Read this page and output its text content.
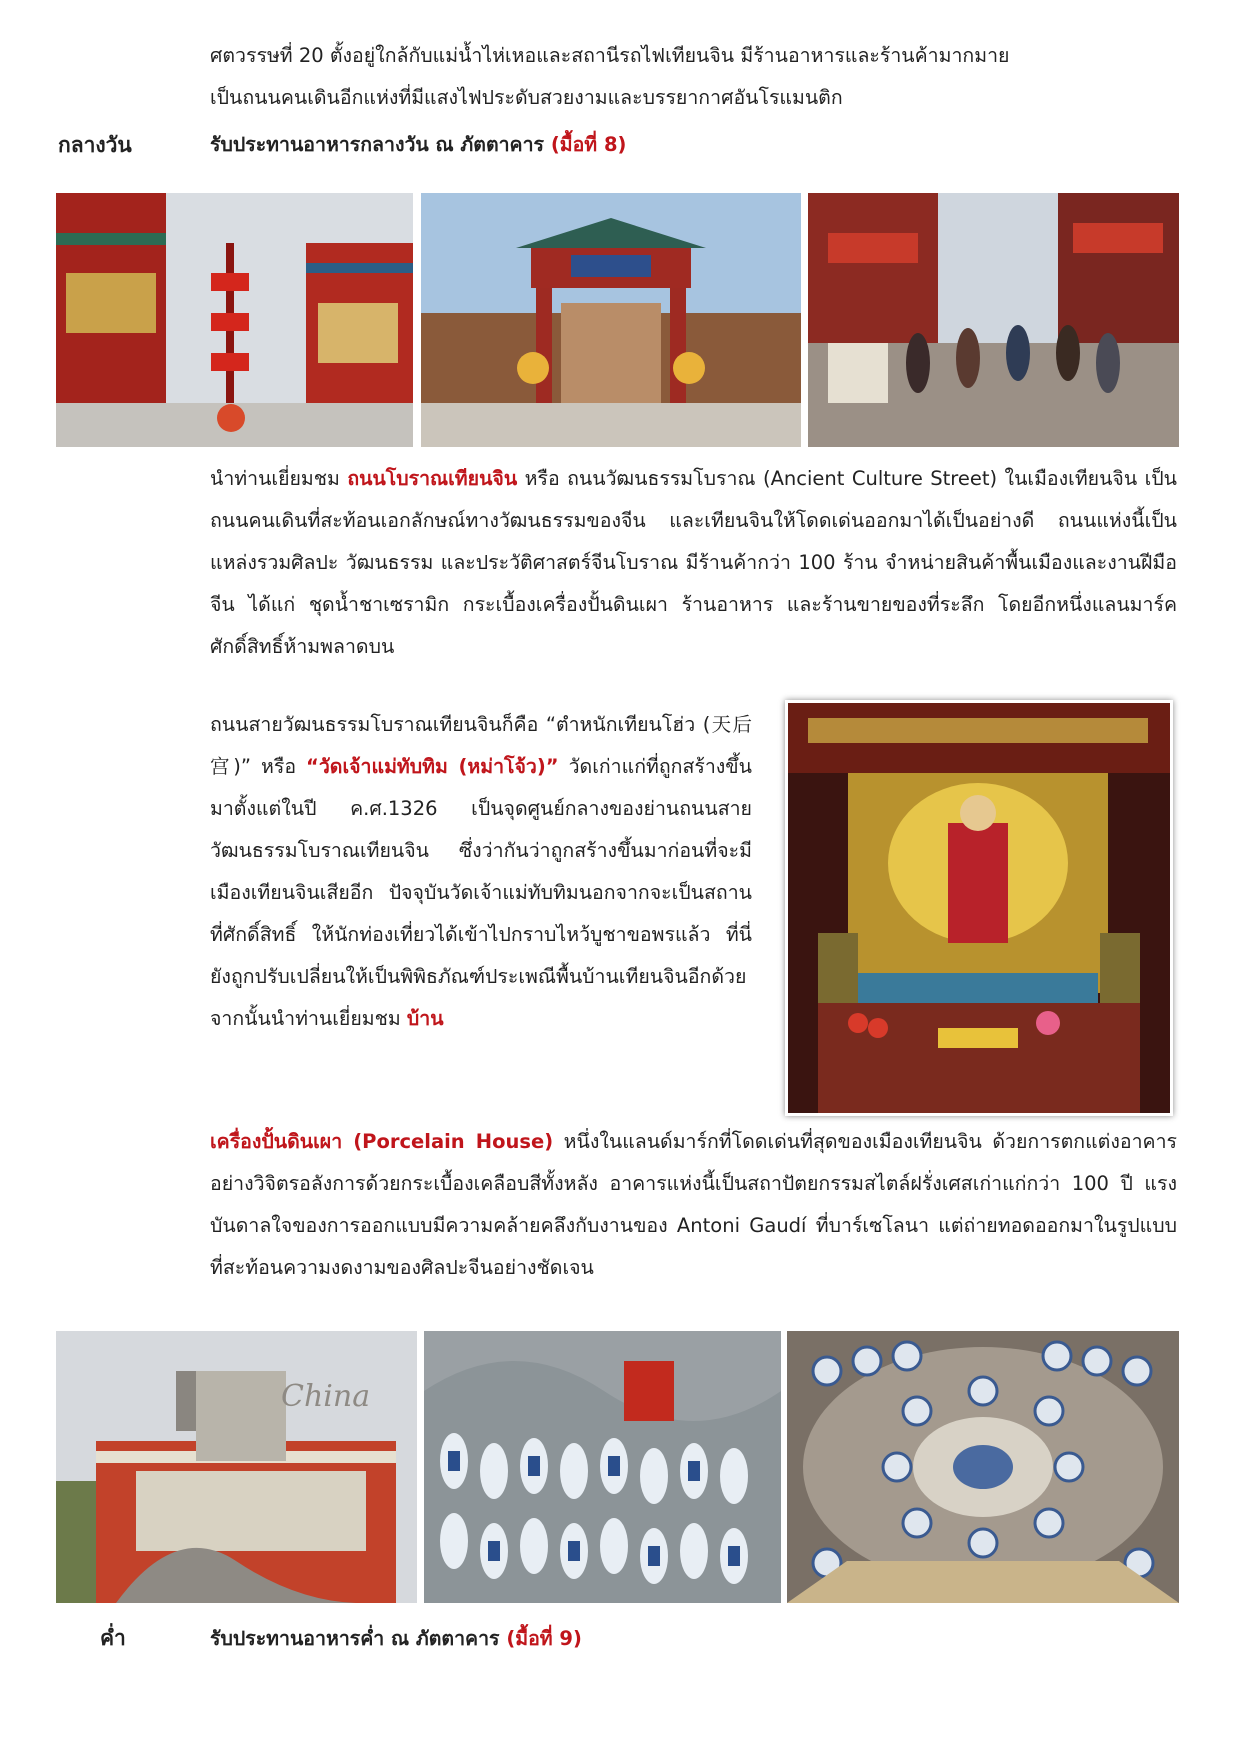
ศตวรรษที่ 20 ตั้งอยู่ใกล้กับแม่น้ำไห่เหอและสถานีรถไฟเทียนจิน มีร้านอาหารและร้านค้ามากมาย
เป็นถนนคนเดินอีกแห่งที่มีแสงไฟประดับสวยงามและบรรยากาศอันโรแมนติก
กลางวัน	รับประทานอาหารกลางวัน ณ ภัตตาคาร (มื้อที่ 8)
นำท่านเยี่ยมชม ถนนโบราณเทียนจิน หรือ ถนนวัฒนธรรมโบราณ (Ancient Culture Street) ในเมืองเทียนจิน เป็นถนนคนเดินที่สะท้อนเอกลักษณ์ทางวัฒนธรรมของจีน และเทียนจินให้โดดเด่นออกมาได้เป็นอย่างดี ถนนแห่งนี้เป็นแหล่งรวมศิลปะ วัฒนธรรม และประวัติศาสตร์จีนโบราณ มีร้านค้ากว่า 100 ร้าน จำหน่ายสินค้าพื้นเมืองและงานฝีมือจีน ได้แก่ ชุดน้ำชาเซรามิก กระเบื้องเครื่องปั้นดินเผา ร้านอาหาร และร้านขายของที่ระลึก โดยอีกหนึ่งแลนมาร์คศักดิ์สิทธิ์ห้ามพลาดบน
ถนนสายวัฒนธรรมโบราณเทียนจินก็คือ “ตำหนักเทียนโฮ่ว (天后宫)” หรือ “วัดเจ้าแม่ทับทิม (หม่าโจ้ว)” วัดเก่าแก่ที่ถูกสร้างขึ้นมาตั้งแต่ในปี ค.ศ.1326 เป็นจุดศูนย์กลางของย่านถนนสายวัฒนธรรมโบราณเทียนจิน ซึ่งว่ากันว่าถูกสร้างขึ้นมาก่อนที่จะมีเมืองเทียนจินเสียอีก ปัจจุบันวัดเจ้าแม่ทับทิมนอกจากจะเป็นสถานที่ศักดิ์สิทธิ์ ให้นักท่องเที่ยวได้เข้าไปกราบไหว้บูชาขอพรแล้ว ที่นี่ยังถูกปรับเปลี่ยนให้เป็นพิพิธภัณฑ์ประเพณีพื้นบ้านเทียนจินอีกด้วย จากนั้นนำท่านเยี่ยมชม บ้าน
เครื่องปั้นดินเผา (Porcelain House) หนึ่งในแลนด์มาร์กที่โดดเด่นที่สุดของเมืองเทียนจิน ด้วยการตกแต่งอาคารอย่างวิจิตรอลังการด้วยกระเบื้องเคลือบสีทั้งหลัง อาคารแห่งนี้เป็นสถาปัตยกรรมสไตล์ฝรั่งเศสเก่าแก่กว่า 100 ปี แรงบันดาลใจของการออกแบบมีความคล้ายคลึงกับงานของ Antoni Gaudí ที่บาร์เซโลนา แต่ถ่ายทอดออกมาในรูปแบบที่สะท้อนความงดงามของศิลปะจีนอย่างชัดเจน
China
ค่ำ	รับประทานอาหารค่ำ ณ ภัตตาคาร (มื้อที่ 9)
